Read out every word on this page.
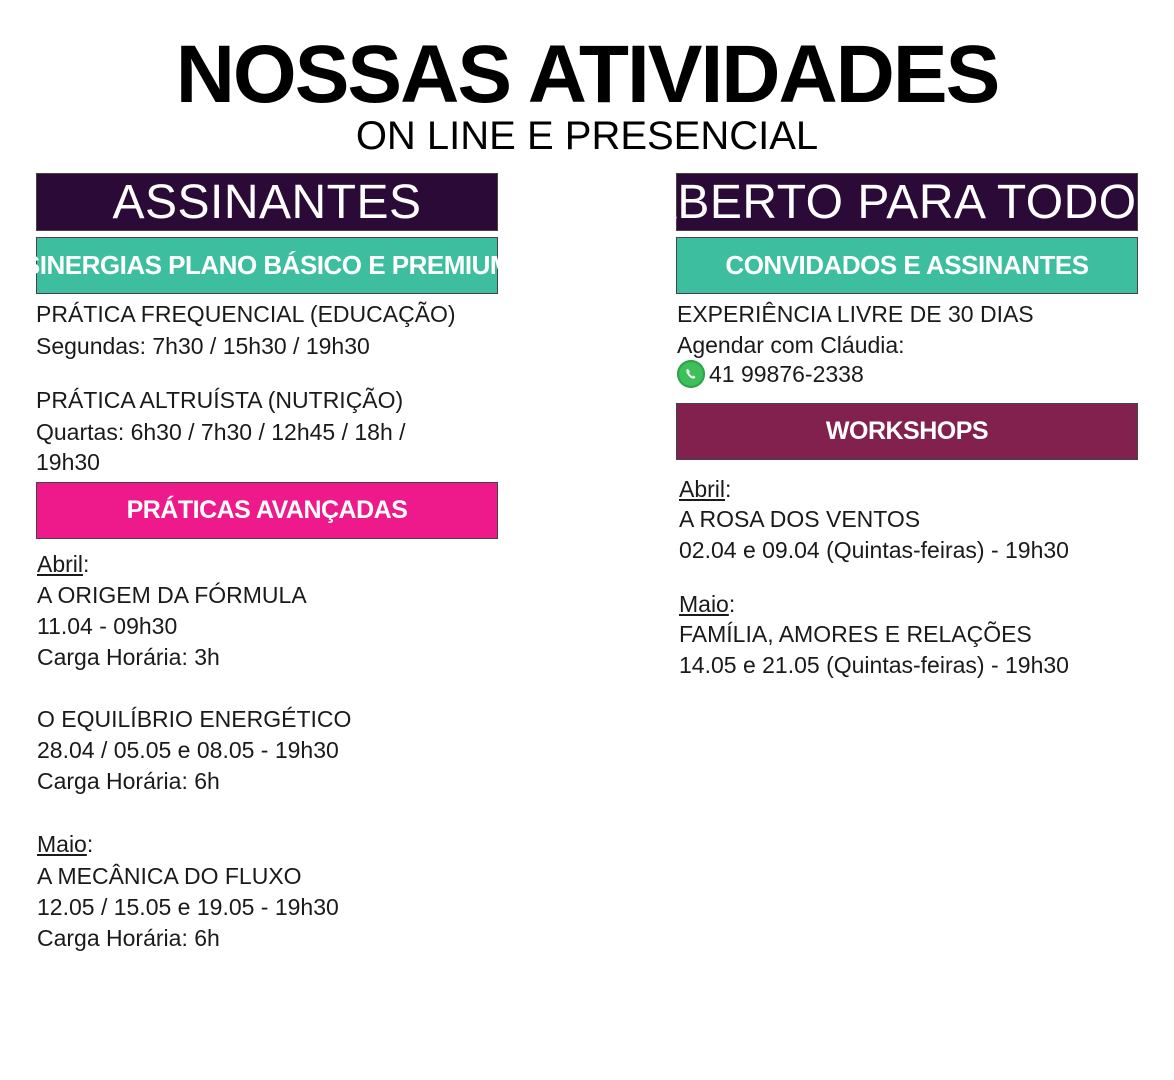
NOSSAS ATIVIDADES
ON LINE E PRESENCIAL
ASSINANTES
SINERGIAS PLANO BÁSICO E PREMIUM
PRÁTICA FREQUENCIAL (EDUCAÇÃO)
Segundas: 7h30 / 15h30 / 19h30
PRÁTICA ALTRUÍSTA (NUTRIÇÃO)
Quartas: 6h30 / 7h30 / 12h45 / 18h /
19h30
PRÁTICAS AVANÇADAS
Abril:
A ORIGEM DA FÓRMULA
11.04 - 09h30
Carga Horária: 3h
O EQUILÍBRIO ENERGÉTICO
28.04 / 05.05 e 08.05 - 19h30
Carga Horária: 6h
Maio:
A MECÂNICA DO FLUXO
12.05 / 15.05 e 19.05 - 19h30
Carga Horária: 6h
ABERTO PARA TODOS
CONVIDADOS E ASSINANTES
EXPERIÊNCIA LIVRE DE 30 DIAS
Agendar com Cláudia:
41 99876-2338
WORKSHOPS
Abril:
A ROSA DOS VENTOS
02.04 e 09.04 (Quintas-feiras) - 19h30
Maio:
FAMÍLIA, AMORES E RELAÇÕES
14.05 e 21.05 (Quintas-feiras) - 19h30
